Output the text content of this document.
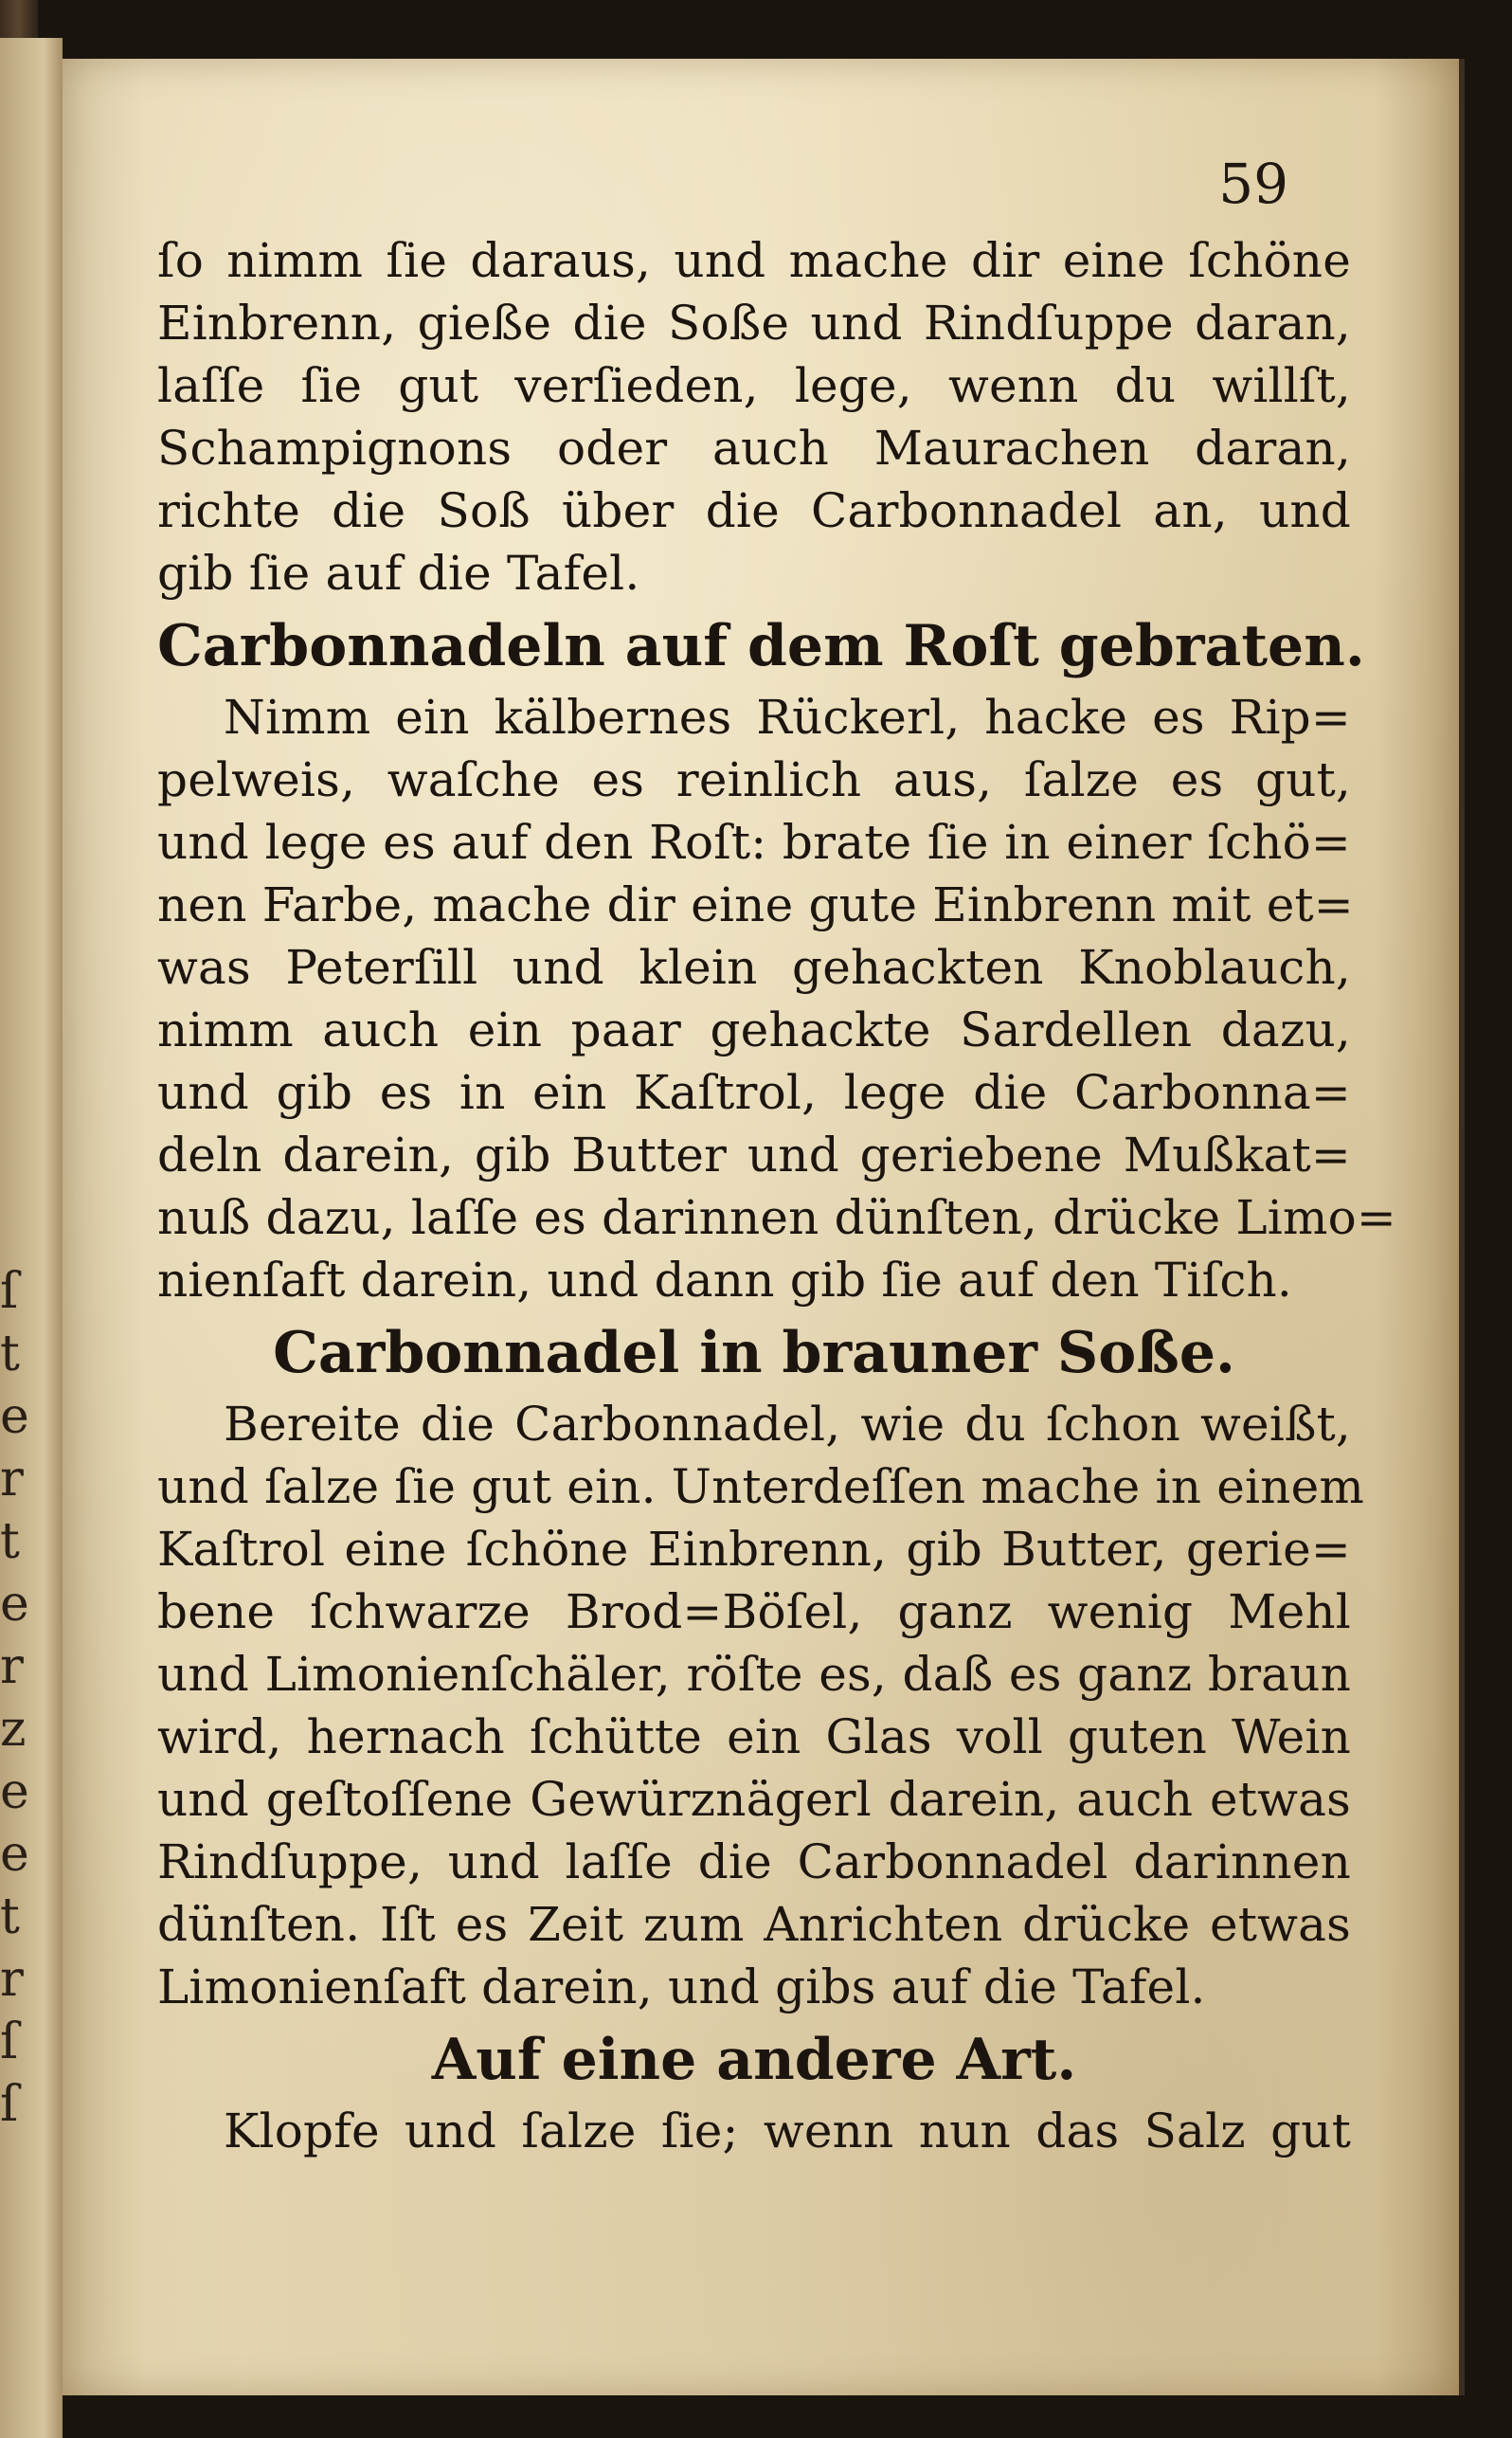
ſ
t
e
r
t
e
r
z
e
e
t
r
ſ
ſ
59
ſo nimm ſie daraus, und mache dir eine ſchöne
Einbrenn, gieße die Soße und Rindſuppe daran,
laſſe ſie gut verſieden, lege, wenn du willſt,
Schampignons oder auch Maurachen daran,
richte die Soß über die Carbonnadel an, und
gib ſie auf die Tafel.
Carbonnadeln auf dem Roſt gebraten.
Nimm ein kälbernes Rückerl, hacke es Rip=
pelweis, waſche es reinlich aus, ſalze es gut,
und lege es auf den Roſt: brate ſie in einer ſchö=
nen Farbe, mache dir eine gute Einbrenn mit et=
was Peterſill und klein gehackten Knoblauch,
nimm auch ein paar gehackte Sardellen dazu,
und gib es in ein Kaſtrol, lege die Carbonna=
deln darein, gib Butter und geriebene Mußkat=
nuß dazu, laſſe es darinnen dünſten, drücke Limo=
nienſaft darein, und dann gib ſie auf den Tiſch.
Carbonnadel in brauner Soße.
Bereite die Carbonnadel, wie du ſchon weißt,
und ſalze ſie gut ein. Unterdeſſen mache in einem
Kaſtrol eine ſchöne Einbrenn, gib Butter, gerie=
bene ſchwarze Brod=Böſel, ganz wenig Mehl
und Limonienſchäler, röſte es, daß es ganz braun
wird, hernach ſchütte ein Glas voll guten Wein
und geſtoſſene Gewürznägerl darein, auch etwas
Rindſuppe, und laſſe die Carbonnadel darinnen
dünſten. Iſt es Zeit zum Anrichten drücke etwas
Limonienſaft darein, und gibs auf die Tafel.
Auf eine andere Art.
Klopfe und ſalze ſie; wenn nun das Salz gut
